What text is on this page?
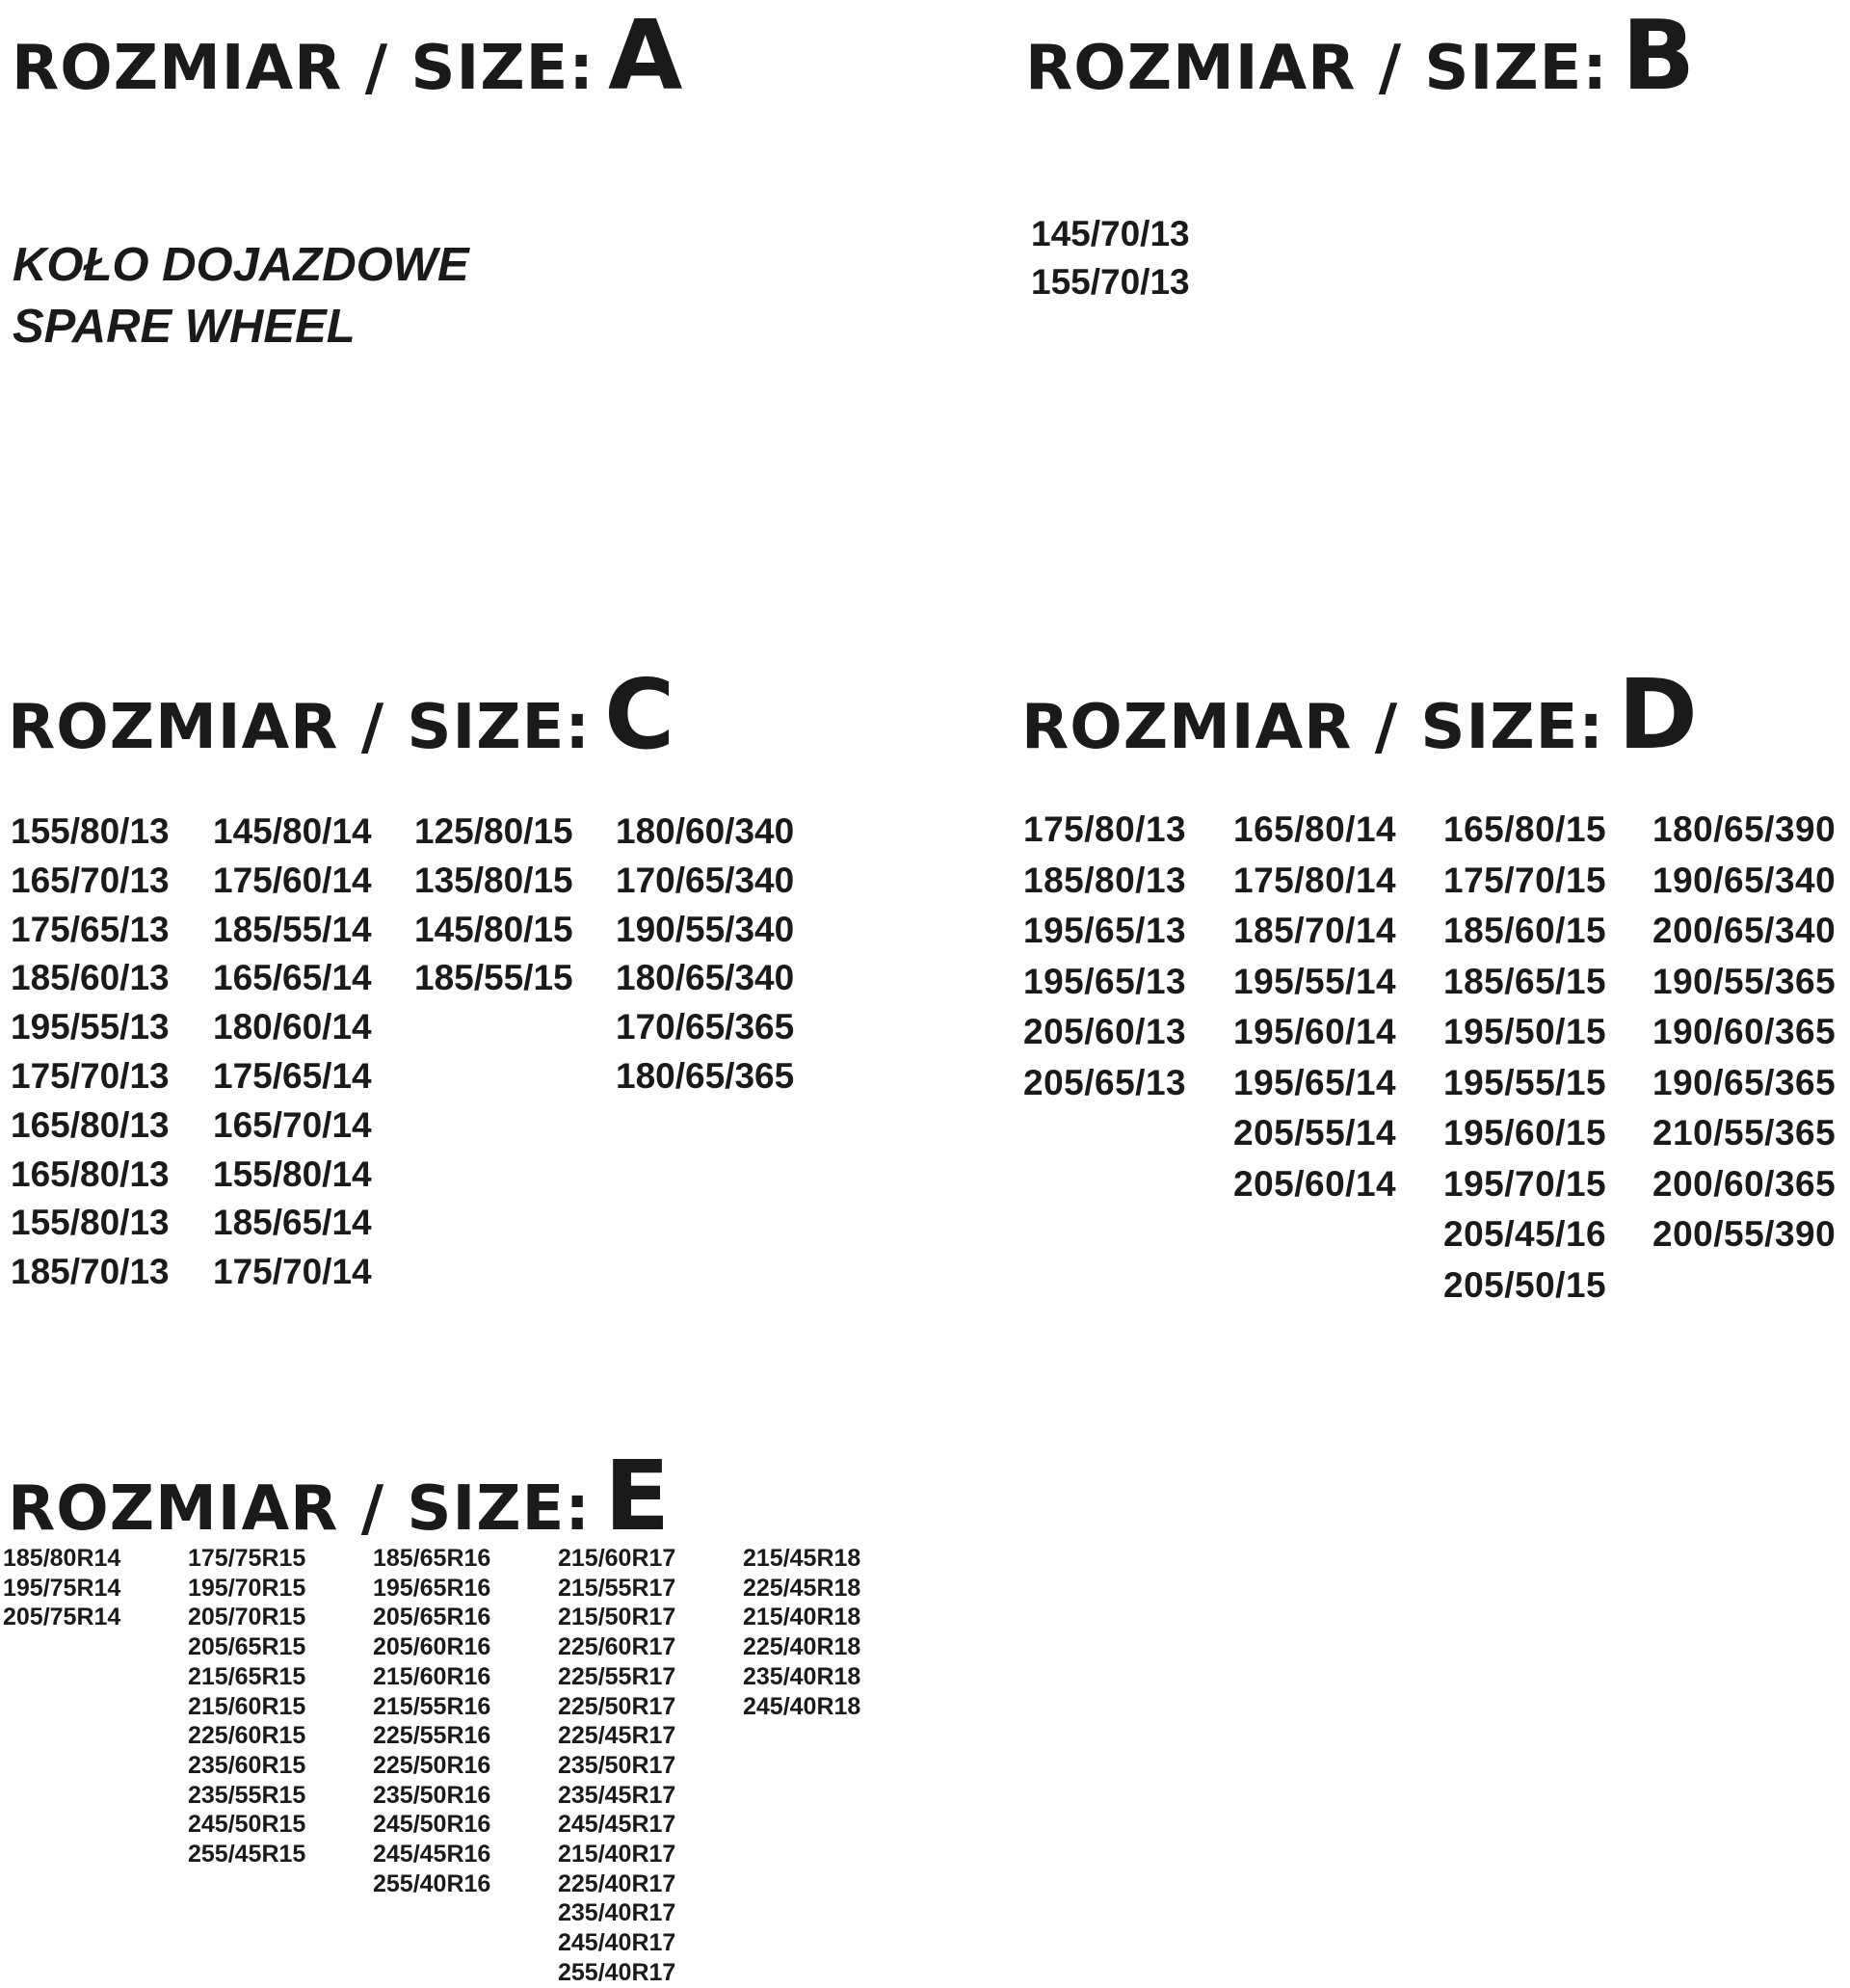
ROZMIAR / SIZE: A
KOŁO DOJAZDOWE
SPARE WHEEL
ROZMIAR / SIZE: B
145/70/13
155/70/13
ROZMIAR / SIZE: C
155/80/13
165/70/13
175/65/13
185/60/13
195/55/13
175/70/13
165/80/13
165/80/13
155/80/13
185/70/13
145/80/14
175/60/14
185/55/14
165/65/14
180/60/14
175/65/14
165/70/14
155/80/14
185/65/14
175/70/14
125/80/15
135/80/15
145/80/15
185/55/15
180/60/340
170/65/340
190/55/340
180/65/340
170/65/365
180/65/365
ROZMIAR / SIZE: D
175/80/13
185/80/13
195/65/13
195/65/13
205/60/13
205/65/13
165/80/14
175/80/14
185/70/14
195/55/14
195/60/14
195/65/14
205/55/14
205/60/14
165/80/15
175/70/15
185/60/15
185/65/15
195/50/15
195/55/15
195/60/15
195/70/15
205/45/16
205/50/15
180/65/390
190/65/340
200/65/340
190/55/365
190/60/365
190/65/365
210/55/365
200/60/365
200/55/390
ROZMIAR / SIZE: E
185/80R14
195/75R14
205/75R14
175/75R15
195/70R15
205/70R15
205/65R15
215/65R15
215/60R15
225/60R15
235/60R15
235/55R15
245/50R15
255/45R15
185/65R16
195/65R16
205/65R16
205/60R16
215/60R16
215/55R16
225/55R16
225/50R16
235/50R16
245/50R16
245/45R16
255/40R16
215/60R17
215/55R17
215/50R17
225/60R17
225/55R17
225/50R17
225/45R17
235/50R17
235/45R17
245/45R17
215/40R17
225/40R17
235/40R17
245/40R17
255/40R17
215/45R18
225/45R18
215/40R18
225/40R18
235/40R18
245/40R18
